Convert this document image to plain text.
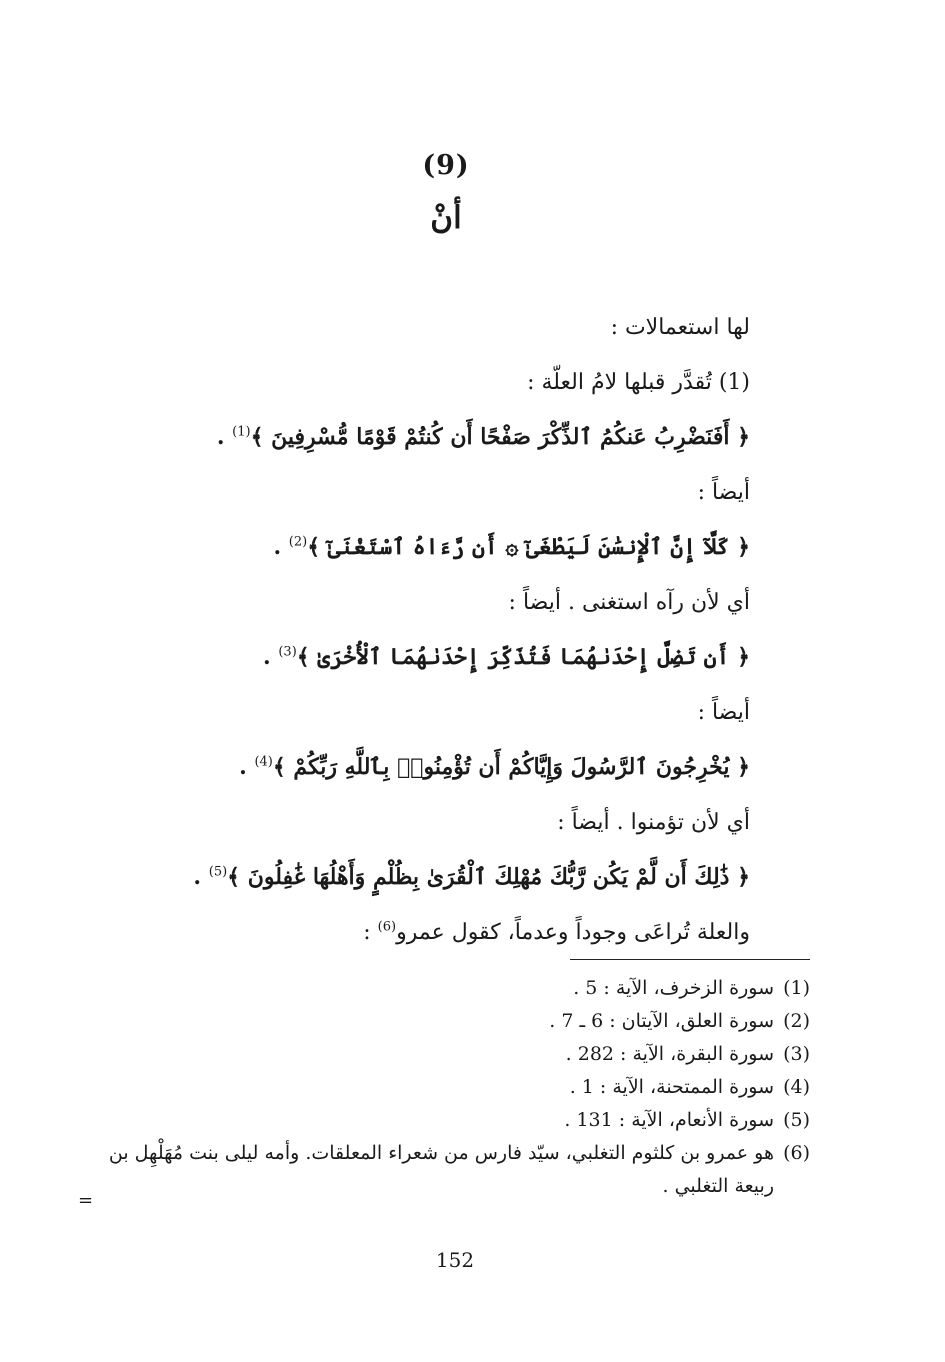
(9)
أنْ
لها استعمالات :
(1) تُقدَّر قبلها لامُ العلّة :
﴿ أَفَنَضْرِبُ عَنكُمُ ٱلذِّكْرَ صَفْحًا أَن كُنتُمْ قَوْمًا مُّسْرِفِينَ ﴾$^{(1)}$ .
أيضاً :
﴿ كَلَّآ إِنَّ ٱلْإِنسَٰنَ لَيَطْغَىٰٓ ۞ أَن رَّءَاهُ ٱسْتَغْنَىٰٓ ﴾$^{(2)}$ .
أي لأن رآه استغنى . أيضاً :
﴿ أَن تَضِلَّ إِحْدَىٰهُمَا فَتُذَكِّرَ إِحْدَىٰهُمَا ٱلْأُخْرَىٰ ﴾$^{(3)}$ .
أيضاً :
﴿ يُخْرِجُونَ ٱلرَّسُولَ وَإِيَّاكُمْ أَن تُؤْمِنُوا۟ بِٱللَّهِ رَبِّكُمْ ﴾$^{(4)}$ .
أي لأن تؤمنوا . أيضاً :
﴿ ذَٰلِكَ أَن لَّمْ يَكُن رَّبُّكَ مُهْلِكَ ٱلْقُرَىٰ بِظُلْمٍ وَأَهْلُهَا غَٰفِلُونَ ﴾$^{(5)}$ .
والعلة تُراعَى وجوداً وعدماً، كقول عمرو$^{(6)}$ :
(1)
سورة الزخرف، الآية : 5 .
(2)
سورة العلق، الآيتان : 6 ـ 7 .
(3)
سورة البقرة، الآية : 282 .
(4)
سورة الممتحنة، الآية : 1 .
(5)
سورة الأنعام، الآية : 131 .
(6)
هو عمرو بن كلثوم التغلبي، سيّد فارس من شعراء المعلقات. وأمه ليلى بنت مُهَلْهِل بن ربيعة التغلبي .
=
152
